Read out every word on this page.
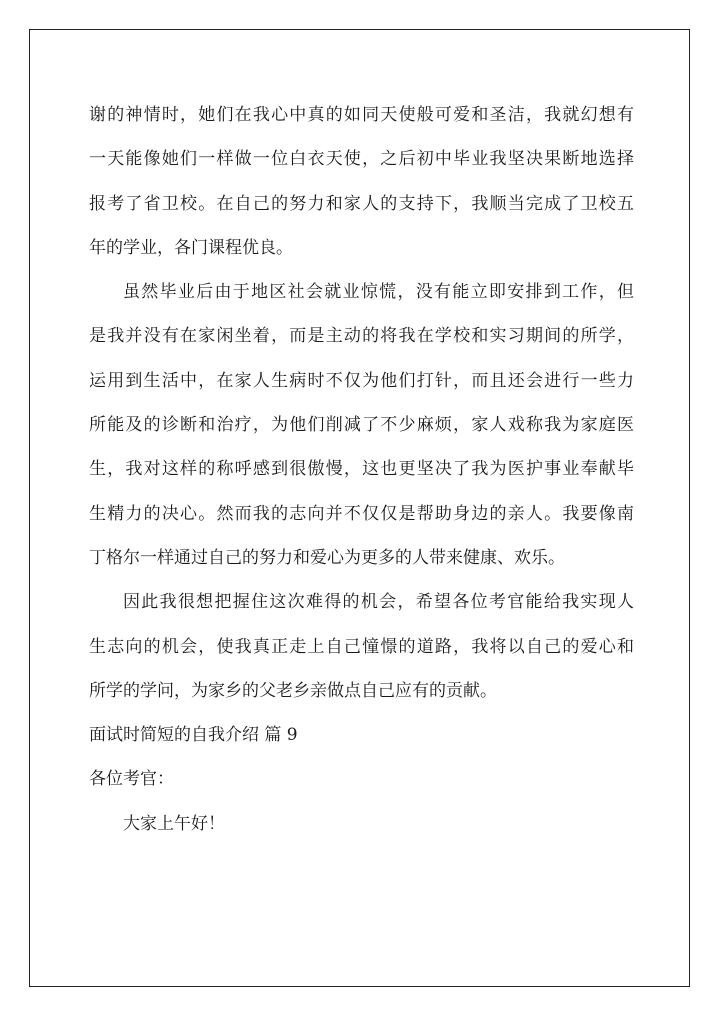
谢的神情时，她们在我心中真的如同天使般可爱和圣洁，我就幻想有
一天能像她们一样做一位白衣天使，之后初中毕业我坚决果断地选择
报考了省卫校。在自己的努力和家人的支持下，我顺当完成了卫校五
年的学业，各门课程优良。
虽然毕业后由于地区社会就业惊慌，没有能立即安排到工作，但
是我并没有在家闲坐着，而是主动的将我在学校和实习期间的所学，
运用到生活中，在家人生病时不仅为他们打针，而且还会进行一些力
所能及的诊断和治疗，为他们削减了不少麻烦，家人戏称我为家庭医
生，我对这样的称呼感到很傲慢，这也更坚决了我为医护事业奉献毕
生精力的决心。然而我的志向并不仅仅是帮助身边的亲人。我要像南
丁格尔一样通过自己的努力和爱心为更多的人带来健康、欢乐。
因此我很想把握住这次难得的机会，希望各位考官能给我实现人
生志向的机会，使我真正走上自己憧憬的道路，我将以自己的爱心和
所学的学问，为家乡的父老乡亲做点自己应有的贡献。
面试时简短的自我介绍 篇 9
各位考官：
大家上午好！
